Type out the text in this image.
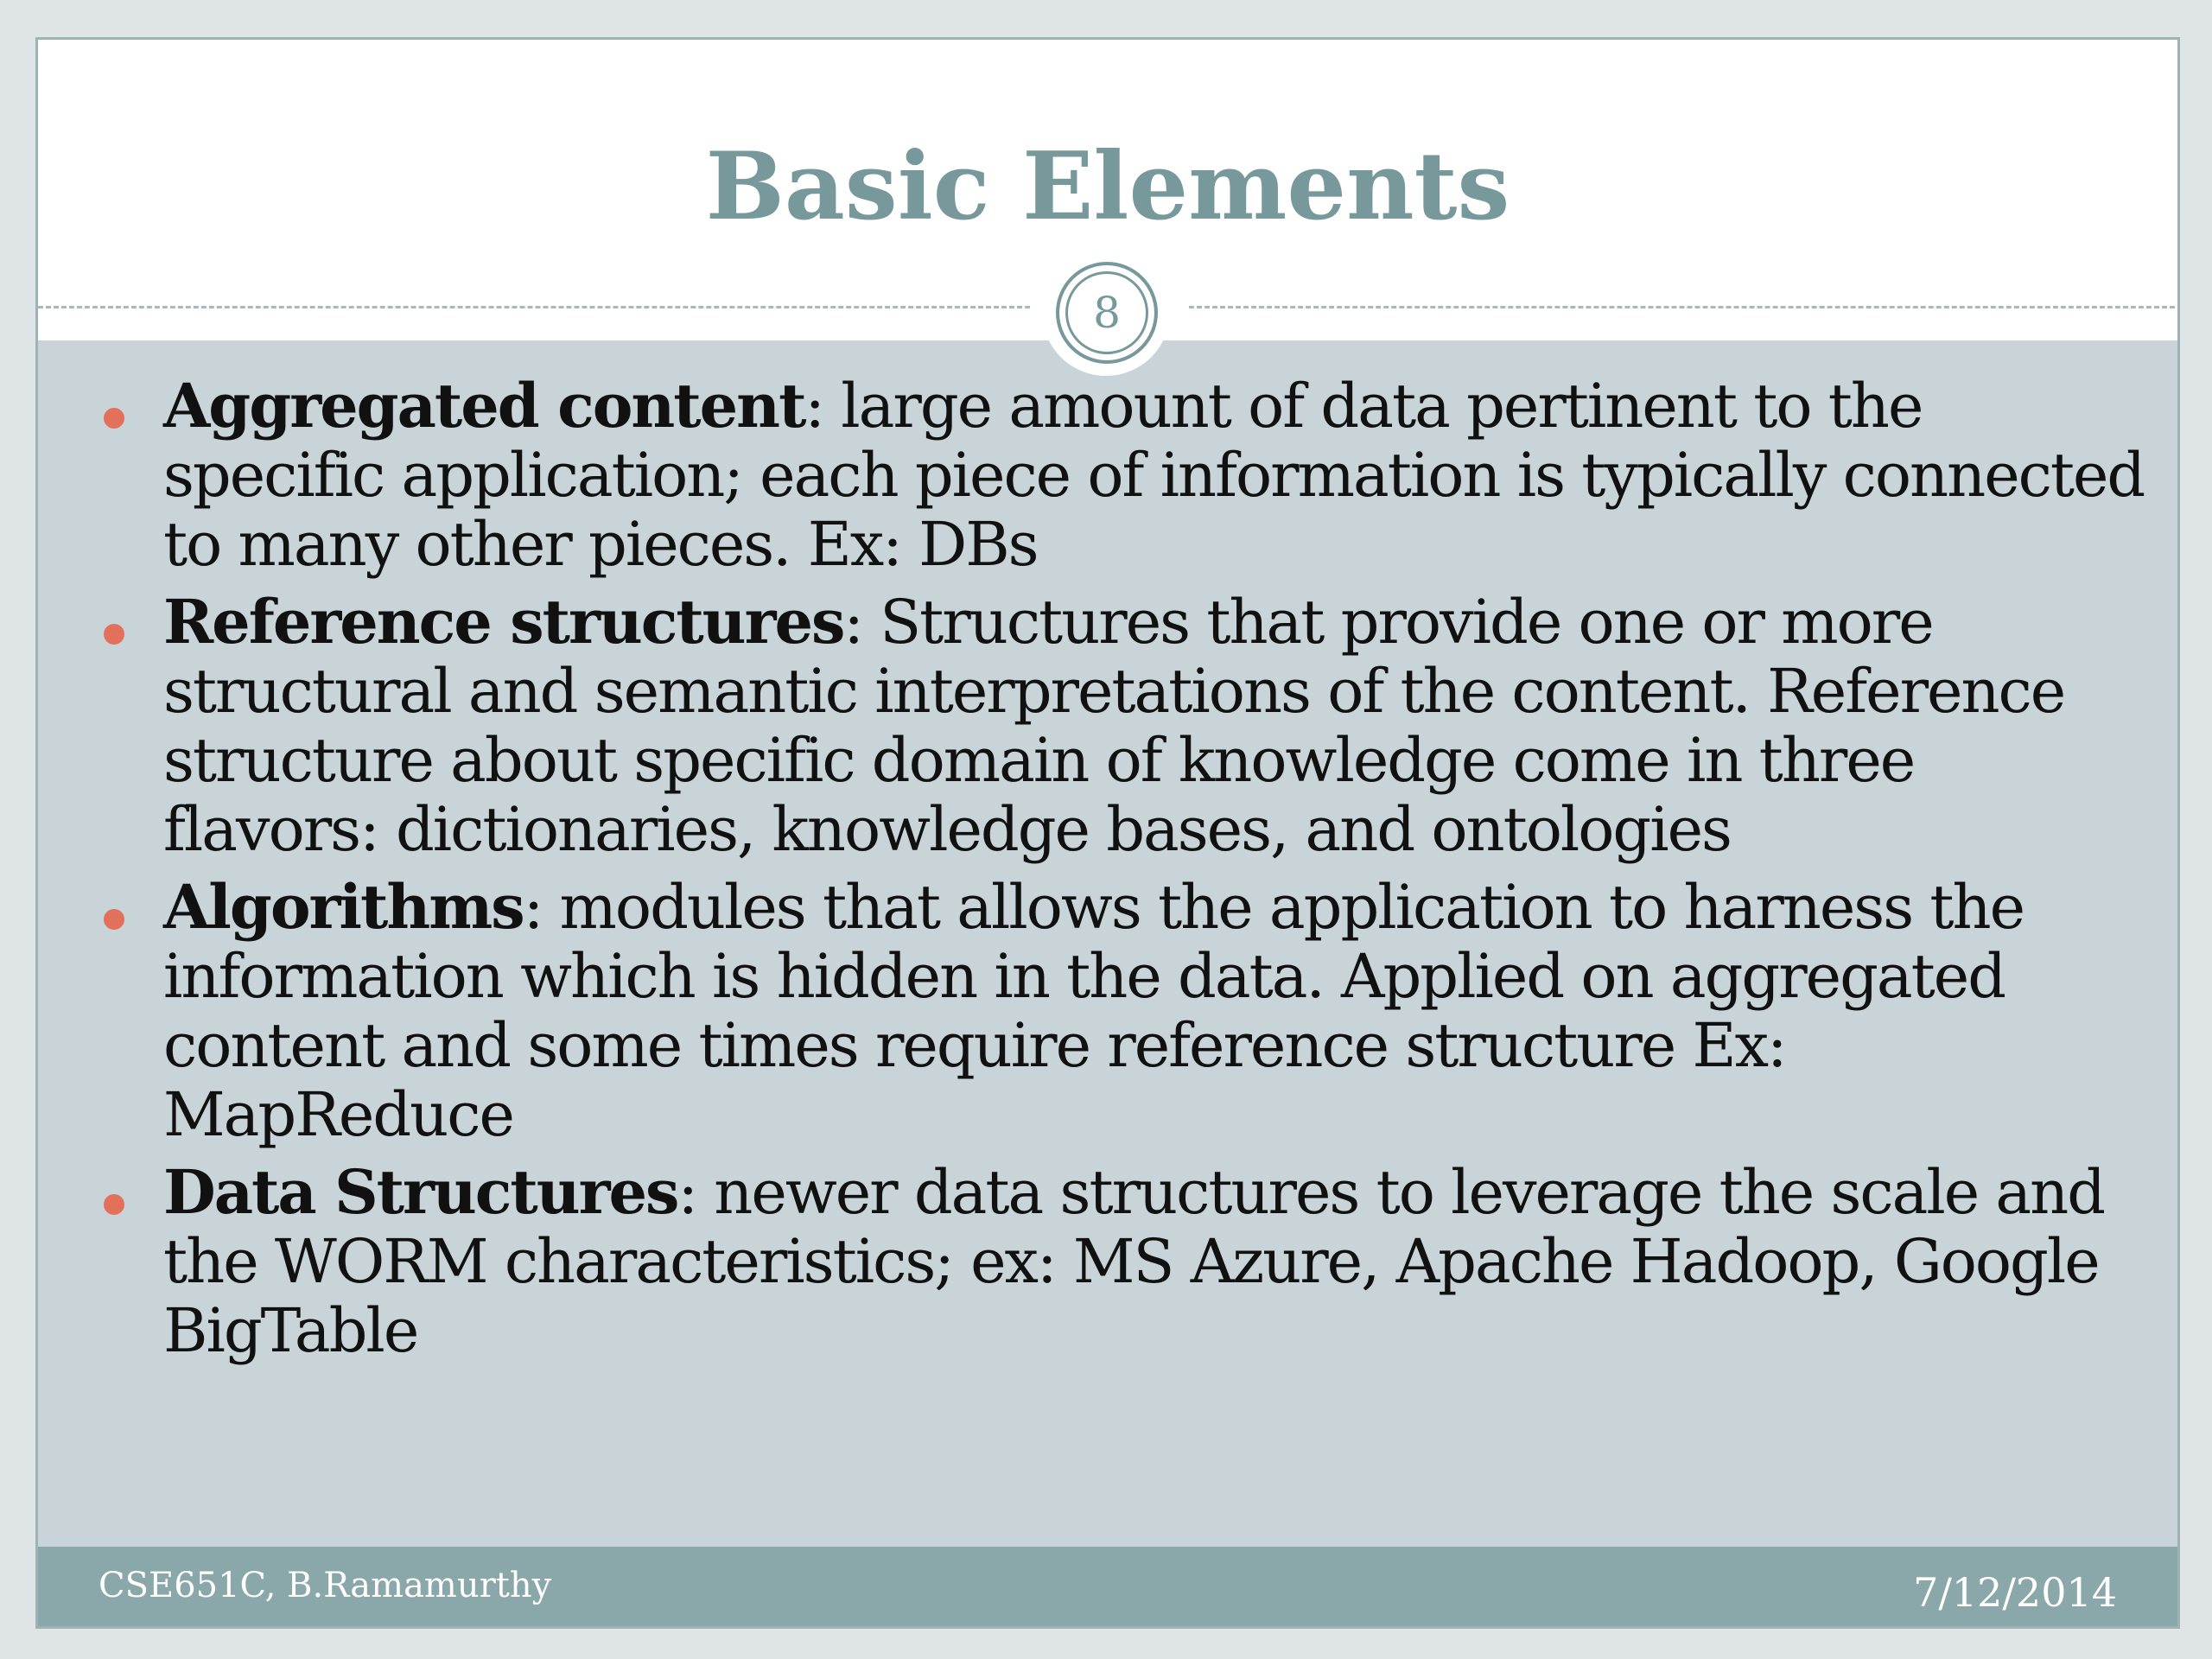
Basic Elements
8
Aggregated content: large amount of data pertinent to the specific application; each piece of information is typically connected to many other pieces. Ex: DBs
Reference structures: Structures that provide one or more structural and semantic interpretations of the content. Reference structure about specific domain of knowledge come in three flavors: dictionaries, knowledge bases, and ontologies
Algorithms: modules that allows the application to harness the information which is hidden in the data. Applied on aggregated content and some times require reference structure Ex: MapReduce
Data Structures: newer data structures to leverage the scale and the WORM characteristics; ex: MS Azure, Apache Hadoop, Google BigTable
CSE651C, B.Ramamurthy	7/12/2014
